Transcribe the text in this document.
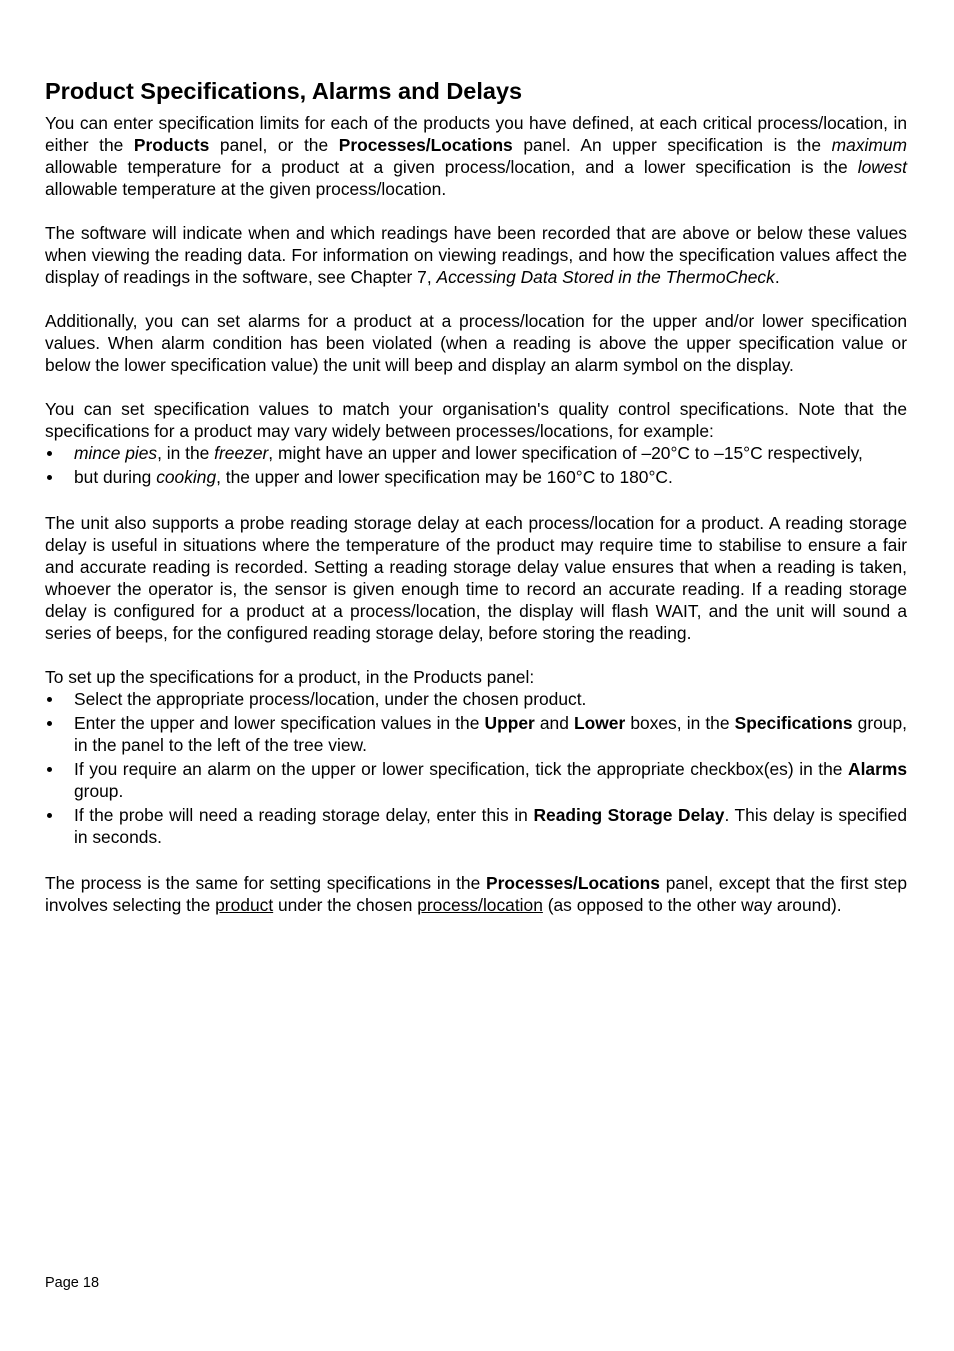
Product Specifications, Alarms and Delays

You can enter specification limits for each of the products you have defined, at each critical process/location, in either the Products panel, or the Processes/Locations panel. An upper specification is the maximum allowable temperature for a product at a given process/location, and a lower specification is the lowest allowable temperature at the given process/location.

The software will indicate when and which readings have been recorded that are above or below these values when viewing the reading data. For information on viewing readings, and how the specification values affect the display of readings in the software, see Chapter 7, Accessing Data Stored in the ThermoCheck.

Additionally, you can set alarms for a product at a process/location for the upper and/or lower specification values. When alarm condition has been violated (when a reading is above the upper specification value or below the lower specification value) the unit will beep and display an alarm symbol on the display.

You can set specification values to match your organisation's quality control specifications. Note that the specifications for a product may vary widely between processes/locations, for example:

mince pies, in the freezer, might have an upper and lower specification of –20°C to –15°C respectively,
but during cooking, the upper and lower specification may be 160°C to 180°C.

The unit also supports a probe reading storage delay at each process/location for a product. A reading storage delay is useful in situations where the temperature of the product may require time to stabilise to ensure a fair and accurate reading is recorded. Setting a reading storage delay value ensures that when a reading is taken, whoever the operator is, the sensor is given enough time to record an accurate reading. If a reading storage delay is configured for a product at a process/location, the display will flash WAIT, and the unit will sound a series of beeps, for the configured reading storage delay, before storing the reading.

To set up the specifications for a product, in the Products panel:

Select the appropriate process/location, under the chosen product.
Enter the upper and lower specification values in the Upper and Lower boxes, in the Specifications group, in the panel to the left of the tree view.
If you require an alarm on the upper or lower specification, tick the appropriate checkbox(es) in the Alarms group.
If the probe will need a reading storage delay, enter this in Reading Storage Delay. This delay is specified in seconds.

The process is the same for setting specifications in the Processes/Locations panel, except that the first step involves selecting the product under the chosen process/location (as opposed to the other way around).

Page 18
